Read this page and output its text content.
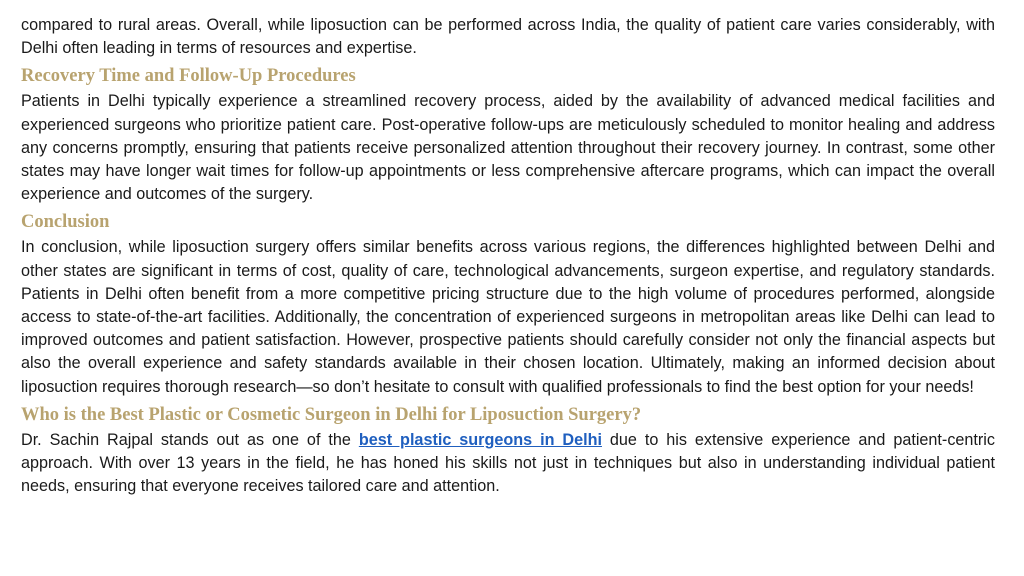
compared to rural areas. Overall, while liposuction can be performed across India, the quality of patient care varies considerably, with Delhi often leading in terms of resources and expertise.

Recovery Time and Follow-Up Procedures

Patients in Delhi typically experience a streamlined recovery process, aided by the availability of advanced medical facilities and experienced surgeons who prioritize patient care. Post-operative follow-ups are meticulously scheduled to monitor healing and address any concerns promptly, ensuring that patients receive personalized attention throughout their recovery journey. In contrast, some other states may have longer wait times for follow-up appointments or less comprehensive aftercare programs, which can impact the overall experience and outcomes of the surgery.

Conclusion

In conclusion, while liposuction surgery offers similar benefits across various regions, the differences highlighted between Delhi and other states are significant in terms of cost, quality of care, technological advancements, surgeon expertise, and regulatory standards. Patients in Delhi often benefit from a more competitive pricing structure due to the high volume of procedures performed, alongside access to state-of-the-art facilities. Additionally, the concentration of experienced surgeons in metropolitan areas like Delhi can lead to improved outcomes and patient satisfaction. However, prospective patients should carefully consider not only the financial aspects but also the overall experience and safety standards available in their chosen location. Ultimately, making an informed decision about liposuction requires thorough research—so don’t hesitate to consult with qualified professionals to find the best option for your needs!

Who is the Best Plastic or Cosmetic Surgeon in Delhi for Liposuction Surgery?

Dr. Sachin Rajpal stands out as one of the best plastic surgeons in Delhi due to his extensive experience and patient-centric approach. With over 13 years in the field, he has honed his skills not just in techniques but also in understanding individual patient needs, ensuring that everyone receives tailored care and attention.
